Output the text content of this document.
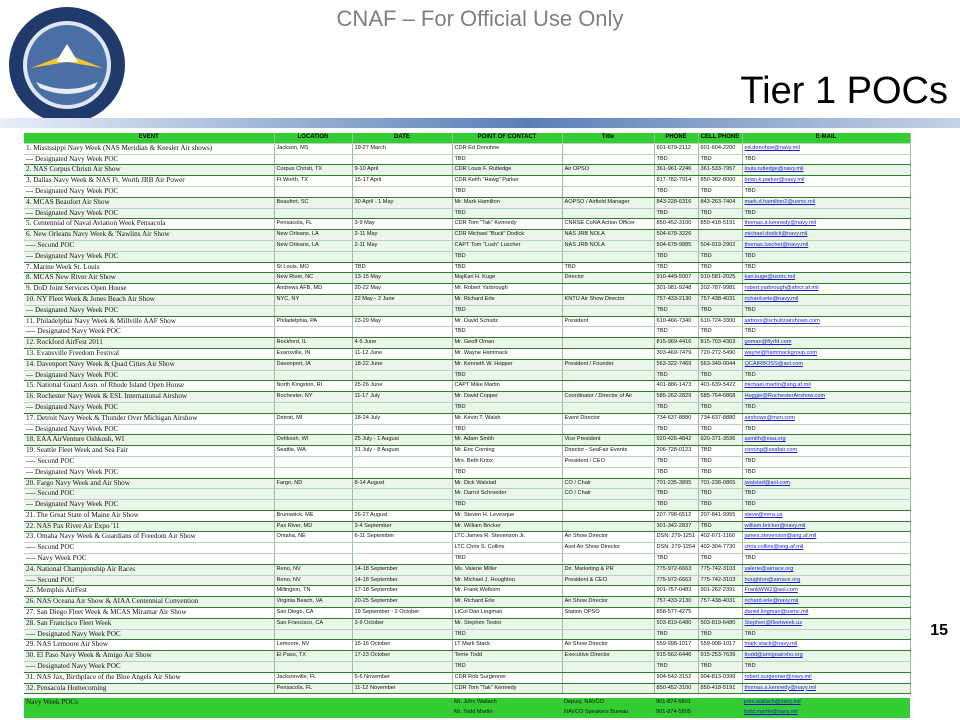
CNAF – For Official Use Only
Tier 1 POCs
EVENT	LOCATION	DATE	POINT OF CONTACT	Title	PHONE	CELL PHONE	E-MAIL
1. Mississippi Navy Week (NAS Meridian & Keesler Air shows)	Jackson, MS	19-27 March	CDR Ed Donohoe		601-679-2112	601-604-2200	ed.donohoe@navy.mil
--- Designated Navy Week POC			TBD		TBD	TBD	TBD
2. NAS Corpus Christi Air Show	Corpus Christi, TX	9-10 April	CDR Louis F. Rutledge	Air OPSO	361-961-2246	361-533-7957	louis.rutledge@navy.mil
3. Dallas Navy Week & NAS Ft. Worth JRB Air Power	Ft Worth, TX	15-17 April	CDR Keith "Hawg" Parker		817-782-7914	850-382-8000	brian.k.parker@navy.mil
--- Designated Navy Week POC			TBD		TBD	TBD	TBD
4. MCAS Beaufort Air Show	Beaufort, SC	30 April - 1 May	Mr. Mark Hamilton	AOPSO / Airfield Manager	843-228-6316	843-263-7404	mark.d.hamilton2@usmc.mil
--- Designated Navy Week POC			TBD		TBD	TBD	TBD
5. Centennial of Naval Aviation Week Pensacola	Pensacola, FL	3-9 May	CDR Tom "Tak" Kennedy	CNRSE CoNA Action Officer	850-452-3100	850-418-5191	thomas.a.kennedy@navy.mil
6. New Orleans Navy Week & 'Nawlins Air Show	New Orleans, LA	2-11 May	CDR Michael "Buck" Dodick	NAS JRB NOLA	504-678-3226		michael.dodick@navy.mil
---- Second POC	New Orleans, LA	2-11 May	CAPT Tom "Lush" Luscher	NAS JRB NOLA	504-678-9885	504-919-2902	thomas.luscher@navy.mil
--- Designated Navy Week POC			TBD		TBD	TBD	TBD
7. Marine Week St. Louis	St Louis, MO	TBD	TBD	TBD	TBD	TBD	TBD
8. MCAS New River Air Show	New River, NC	13-15 May	MajKari H. Kuge	Director	910-449-5007	910-581-2025	kari.kuge@usmc.mil
9. DoD Joint Services Open House	Andrews AFB, MD	20-22 May	Mr. Robert Yarbrough		301-981-9248	202-787-9981	robert.yarbrough@afncr.af.mil
10. NY Fleet Week & Jones Beach Air Show	NYC, NY	22 May - 2 June	Mr. Richard Erle	KNTU Air Show Director	757-433-2130	757-438-4031	richard.erle@navy.mil
--- Designated Navy Week POC			TBD		TBD	TBD	TBD
11. Philadelphia Navy Week & Millville AAF Show	Philadelphia, PA	23-29 May	Mr. David Schultz	President	610-466-7340	610-724-3300	airboss@schultzairshows.com
---- Designated Navy Week POC			TBD		TBD	TBD	TBD
12. Rockford AirFest 2011	Rockford, IL	4-5 June	Mr. Geoff Oman		815-969-4416	815-703-4303	goman@flyrfd.com
13. Evansville Freedom Festival	Evansville, IN	11-12 June	Mr. Wayne Hammack		303-469-7479	720-272-5490	wayne@hammackgroup.com
14. Davenport Navy Week & Quad Cities Air Show	Davenport, IA	18-22 June	Mr. Kenneth W. Hopper	President / Founder	563-322-7469	563-349-0044	QCAIRBOSS@aol.com
--- Designated Navy Week POC			TBD		TBD	TBD	TBD
15. National Guard Assn. of Rhode Island Open House	North Kingston, RI	25-26 June	CAPT Mike Martin		401-886-1473	401-639-5422	michael.martin@ang.af.mil
16. Rochester Navy Week & ESL International Airshow	Rochester, NY	11-17 July	Mr. David Copper	Coordinator / Director of Air	585-262-2829	585-764-6868	Huggie@RochesterAirshow.com
--- Designated Navy Week POC			TBD		TBD	TBD	TBD
17. Detroit Navy Week & Thunder Over Michigan Airshow	Detroit, MI	18-24 July	Mr. Kevin T. Walsh	Event Director	734-637-8880	734-637-8880	airshows@msn.com
--- Designated Navy Week POC			TBD		TBD	TBD	TBD
18. EAA AirVenture Oshkosh, WI	Oshkosh, WI	25 July - 1 August	Mr. Adam Smith	Vice President	920-426-4842	920-371-3596	asmith@eaa.org
19. Seattle Fleet Week and Sea Fair	Seattle, WA	31 July - 8 August	Mr. Eric Corning	Director - SeaFair Events	206-728-0123	TBD	corning@seafair.com
---- Second POC			Mrs. Beth Knox	President / CEO	TBD	TBD	TBD
--- Designated Navy Week POC			TBD		TBD	TBD	TBD
20. Fargo Navy Week and Air Show	Fargo, ND	8-14 August	Mr. Dick Walstad	CO / Chair	701-235-3895	701-238-0865	jwalstad@aol.com
---- Second POC			Mr. Darrol Schroeder	CO / Chair	TBD	TBD	TBD
--- Designated Navy Week POC			TBD		TBD	TBD	TBD
21. The Great State of Maine Air Show	Brunswick, ME	26-27 August	Mr. Steven H. Levesque		207-798-6512	207-841-9955	steve@mrra.us
22. NAS Pax River Air Expo '11	Pax River, MD	3-4 September	Mr. William Bricker		301-342-2837	TBD	william.bricker@navy.mil
23. Omaha Navy Week & Guardians of Freedom Air Show	Omaha, NE	6-11 September	LTC James R. Stevenson Jr.	Air Show Director	DSN: 279-1251	402-671-1160	james.stevenson@ang.af.mil
---- Second POC			LTC Chris S. Collins	Asst Air Show Director	DSN: 279-1264	402-304-7730	chris.collins@ang.af.mil
---- Navy Week POC			TBD		TBD	TBD	TBD
24. National Championship Air Races	Reno, NV	14-18 September	Ms. Valerie Miller	Dir. Marketing & PR	775-972-6663	775-742-3103	valerie@airrace.org
---- Second POC	Reno, NV	14-18 September	Mr. Michael J. Houghton	President & CEO	775-972-6663	775-742-3103	houghton@airrace.org
25. Memphis AirFest	Millington, TN	17-18 September	Mr. Frank Welborn		901-757-0483	901-262-2391	FrankWW2@aol.com
26. NAS Oceana Air Show & AIAA Centennial Convention	Virginia Beach, VA	20-25 September	Mr. Richard Erle	Air Show Director	757-433-2130	757-438-4031	richard.erle@navy.mil
27. San Diego Fleet Week & MCAS Miramar Air Show	San Diego, CA	19 September - 2 October	LtCol Dan Lingman	Station OPSO	858-577-4275		daniel.lingman@usmc.mil
28. San Francisco Fleet Week	San Francisco, CA	3-9 October	Mr. Stephen Testro		503-819-6480	503-819-6480	Stephen@fleetweek.us
---- Designated Navy Week POC			TBD		TBD	TBD	TBD
29. NAS Lemoore Air Show	Lemoore, NV	15-16 October	LT Mark Stack	Air Show Director	559-998-1017	559-998-1017	mark.stack@navy.mil
30. El Paso Navy Week & Amigo Air Show	El Paso, TX	17-23 October	Terrie Todd	Executive Director	915-562-6446	915-253-7639	ttodd@amigoairsho.org
---- Designated Navy Week POC			TBD		TBD	TBD	TBD
31. NAS Jax, Birthplace of the Blue Angels Air Show	Jacksonville, FL	5-6 November	CDR Rob Surgeoner		904-542-3152	904-813-0399	robert.surgeoner@navy.mil
32. Pensacola Homecoming	Pensacola, FL	11-12 November	CDR Tom "Tak" Kennedy		850-452-3100	850-418-5191	thomas.a.kennedy@navy.mil
15
Navy Week POCs			Mr. John Wallach	Deputy, NAVCO	901-874-5801		john.wallach@navy.mil
			Mr. Todd Martin	NAVCO Speakers Bureau	901-874-5805		todd.martin@navy.mil
